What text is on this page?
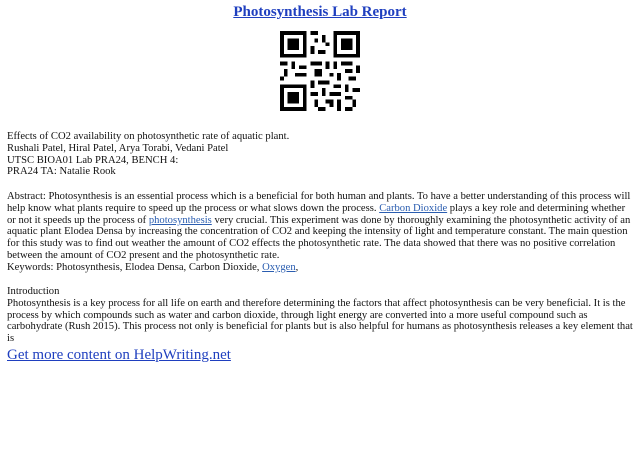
Photosynthesis Lab Report

Effects of CO2 availability on photosynthetic rate of aquatic plant.

Rushali Patel, Hiral Patel, Arya Torabi, Vedani Patel

UTSC BIOA01 Lab PRA24, BENCH 4:

PRA24 TA: Natalie Rook

Abstract: Photosynthesis is an essential process which is a beneficial for both human and plants. To have a better understanding of this process will help know what plants require to speed up the process or what slows down the process. Carbon Dioxide plays a key role and determining whether or not it speeds up the process of photosynthesis very crucial. This experiment was done by thoroughly examining the photosynthetic activity of an aquatic plant Elodea Densa by increasing the concentration of CO2 and keeping the intensity of light and temperature constant. The main question for this study was to find out weather the amount of CO2 effects the photosynthetic rate. The data showed that there was no positive correlation between the amount of CO2 present and the photosynthetic rate.

Keywords: Photosynthesis, Elodea Densa, Carbon Dioxide, Oxygen,

Introduction

Photosynthesis is a key process for all life on earth and therefore determining the factors that affect photosynthesis can be very beneficial. It is the process by which compounds such as water and carbon dioxide, through light energy are converted into a more useful compound such as carbohydrate (Rush 2015). This process not only is beneficial for plants but is also helpful for humans as photosynthesis releases a key element that is

Get more content on HelpWriting.net
